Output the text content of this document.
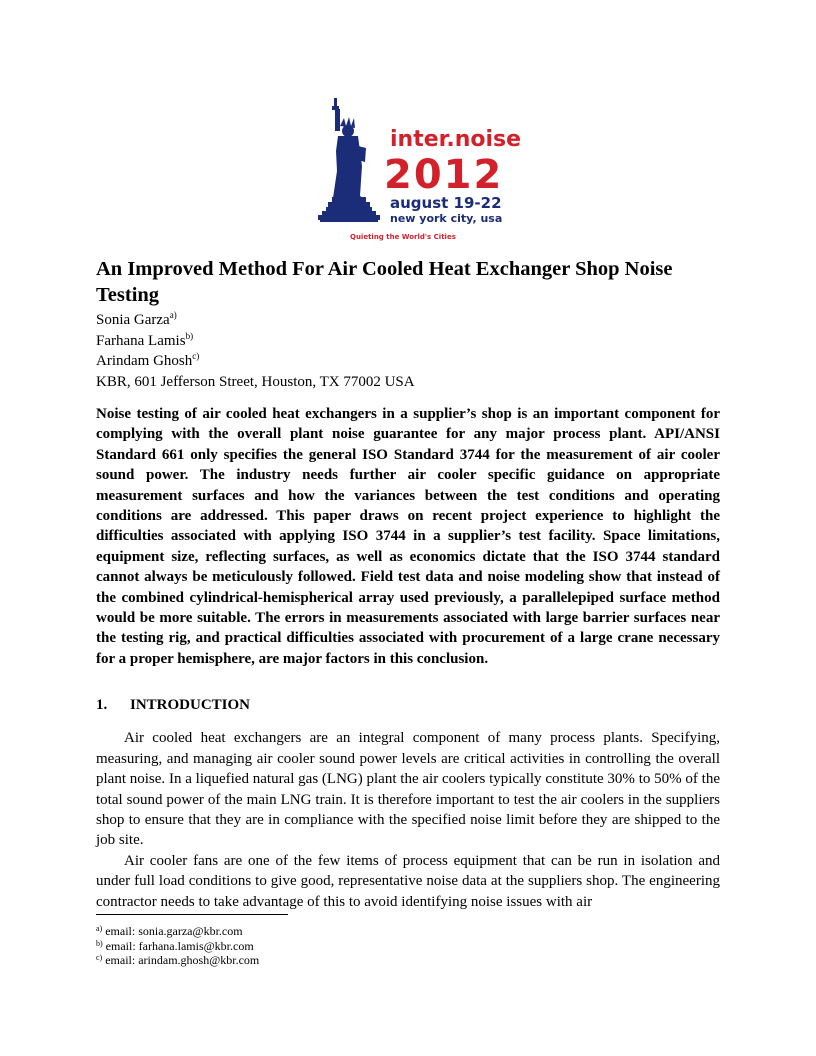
inter.noise
2012
august 19-22
new york city, usa
Quieting the World's Cities
An Improved Method For Air Cooled Heat Exchanger Shop Noise Testing
Sonia Garza$^{a)}$
Farhana Lamis$^{b)}$
Arindam Ghosh$^{c)}$
KBR, 601 Jefferson Street, Houston, TX 77002 USA
Noise testing of air cooled heat exchangers in a supplier’s shop is an important component for complying with the overall plant noise guarantee for any major process plant. API/ANSI Standard 661 only specifies the general ISO Standard 3744 for the measurement of air cooler sound power. The industry needs further air cooler specific guidance on appropriate measurement surfaces and how the variances between the test conditions and operating conditions are addressed. This paper draws on recent project experience to highlight the difficulties associated with applying ISO 3744 in a supplier’s test facility. Space limitations, equipment size, reflecting surfaces, as well as economics dictate that the ISO 3744 standard cannot always be meticulously followed. Field test data and noise modeling show that instead of the combined cylindrical-hemispherical array used previously, a parallelepiped surface method would be more suitable. The errors in measurements associated with large barrier surfaces near the testing rig, and practical difficulties associated with procurement of a large crane necessary for a proper hemisphere, are major factors in this conclusion.
1. INTRODUCTION

Air cooled heat exchangers are an integral component of many process plants. Specifying, measuring, and managing air cooler sound power levels are critical activities in controlling the overall plant noise. In a liquefied natural gas (LNG) plant the air coolers typically constitute 30% to 50% of the total sound power of the main LNG train. It is therefore important to test the air coolers in the suppliers shop to ensure that they are in compliance with the specified noise limit before they are shipped to the job site.

Air cooler fans are one of the few items of process equipment that can be run in isolation and under full load conditions to give good, representative noise data at the suppliers shop. The engineering contractor needs to take advantage of this to avoid identifying noise issues with air

$^{a)}$ email: sonia.garza@kbr.com
$^{b)}$ email: farhana.lamis@kbr.com
$^{c)}$ email: arindam.ghosh@kbr.com
